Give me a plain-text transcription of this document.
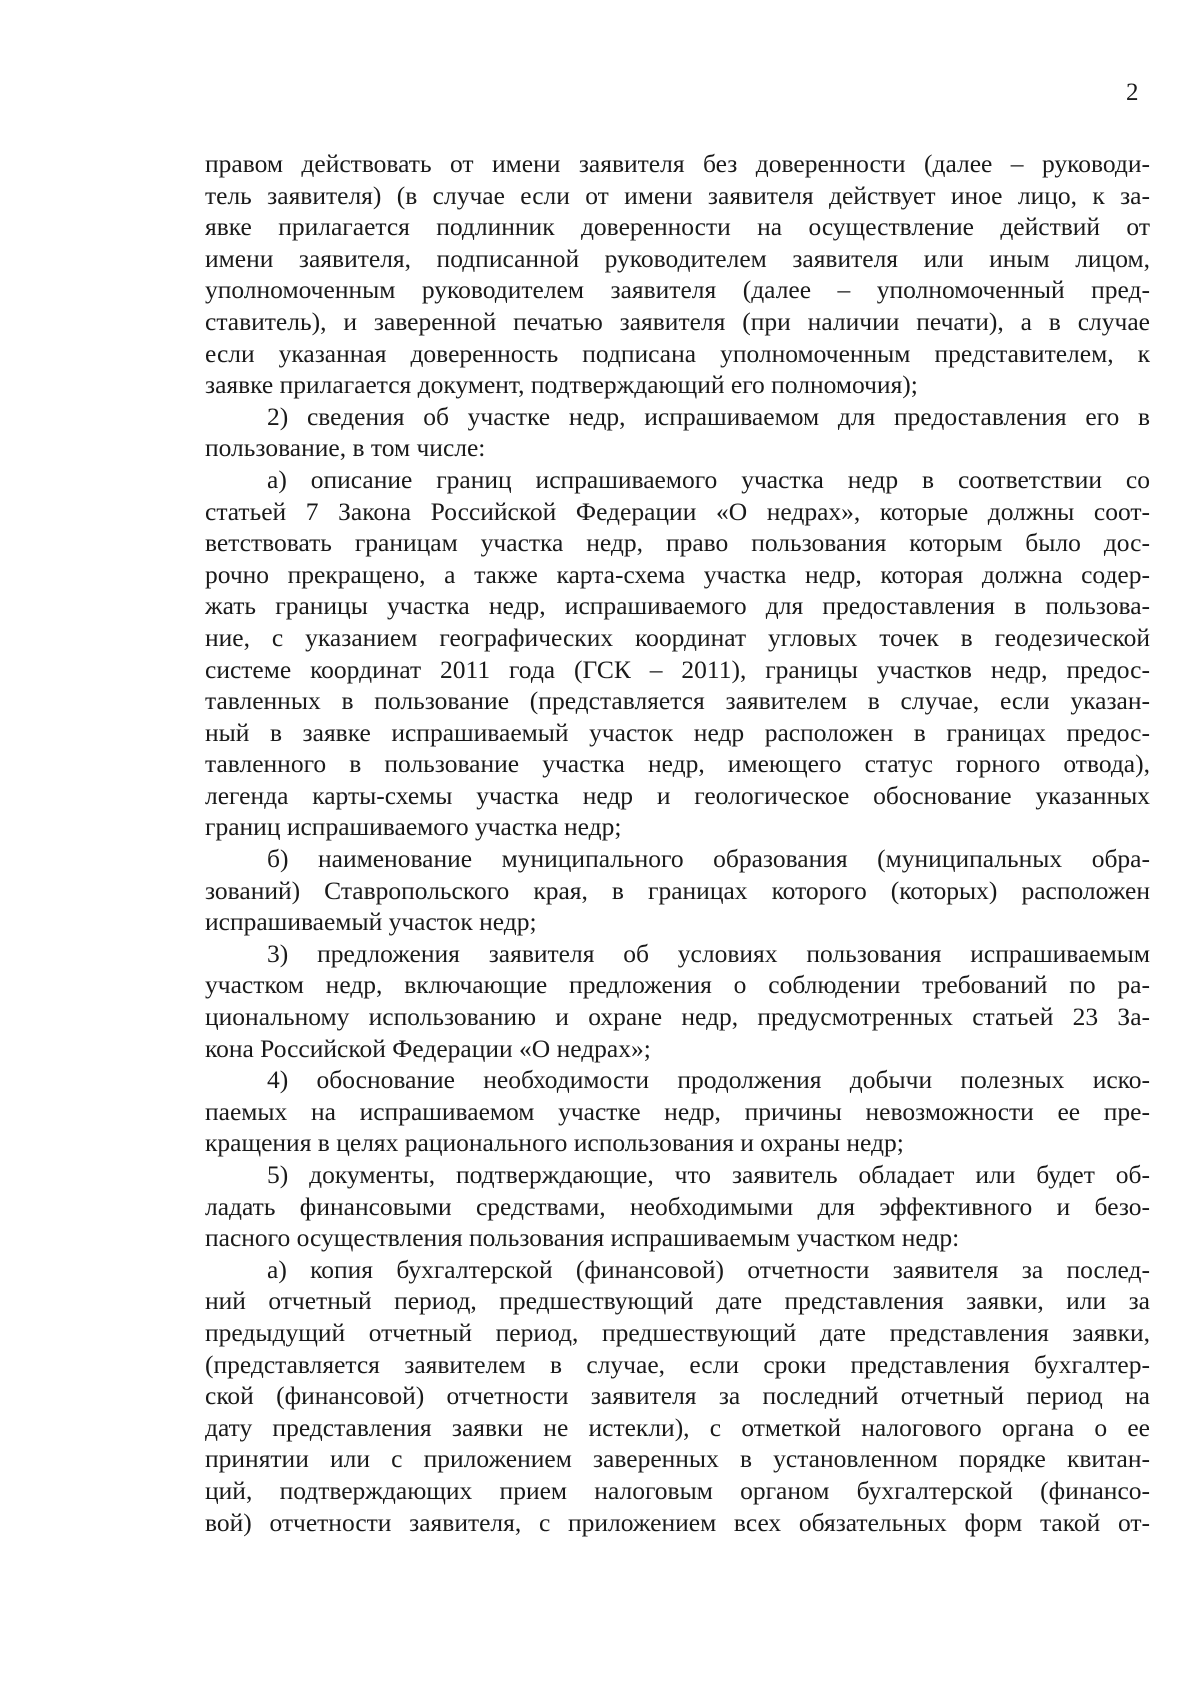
2
правом действовать от имени заявителя без доверенности (далее – руководи-
тель заявителя) (в случае если от имени заявителя действует иное лицо, к за-
явке прилагается подлинник доверенности на осуществление действий от
имени заявителя, подписанной руководителем заявителя или иным лицом,
уполномоченным руководителем заявителя (далее – уполномоченный пред-
ставитель), и заверенной печатью заявителя (при наличии печати), а в случае
если указанная доверенность подписана уполномоченным представителем, к
заявке прилагается документ, подтверждающий его полномочия);
2) сведения об участке недр, испрашиваемом для предоставления его в
пользование, в том числе:
а) описание границ испрашиваемого участка недр в соответствии со
статьей 7 Закона Российской Федерации «О недрах», которые должны соот-
ветствовать границам участка недр, право пользования которым было дос-
рочно прекращено, а также карта-схема участка недр, которая должна содер-
жать границы участка недр, испрашиваемого для предоставления в пользова-
ние, с указанием географических координат угловых точек в геодезической
системе координат 2011 года (ГСК – 2011), границы участков недр, предос-
тавленных в пользование (представляется заявителем в случае, если указан-
ный в заявке испрашиваемый участок недр расположен в границах предос-
тавленного в пользование участка недр, имеющего статус горного отвода),
легенда карты-схемы участка недр и геологическое обоснование указанных
границ испрашиваемого участка недр;
б) наименование муниципального образования (муниципальных обра-
зований) Ставропольского края, в границах которого (которых) расположен
испрашиваемый участок недр;
3) предложения заявителя об условиях пользования испрашиваемым
участком недр, включающие предложения о соблюдении требований по ра-
циональному использованию и охране недр, предусмотренных статьей 23 За-
кона Российской Федерации «О недрах»;
4) обоснование необходимости продолжения добычи полезных иско-
паемых на испрашиваемом участке недр, причины невозможности ее пре-
кращения в целях рационального использования и охраны недр;
5) документы, подтверждающие, что заявитель обладает или будет об-
ладать финансовыми средствами, необходимыми для эффективного и безо-
пасного осуществления пользования испрашиваемым участком недр:
а) копия бухгалтерской (финансовой) отчетности заявителя за послед-
ний отчетный период, предшествующий дате представления заявки, или за
предыдущий отчетный период, предшествующий дате представления заявки,
(представляется заявителем в случае, если сроки представления бухгалтер-
ской (финансовой) отчетности заявителя за последний отчетный период на
дату представления заявки не истекли), с отметкой налогового органа о ее
принятии или с приложением заверенных в установленном порядке квитан-
ций, подтверждающих прием налоговым органом бухгалтерской (финансо-
вой) отчетности заявителя, с приложением всех обязательных форм такой от-
